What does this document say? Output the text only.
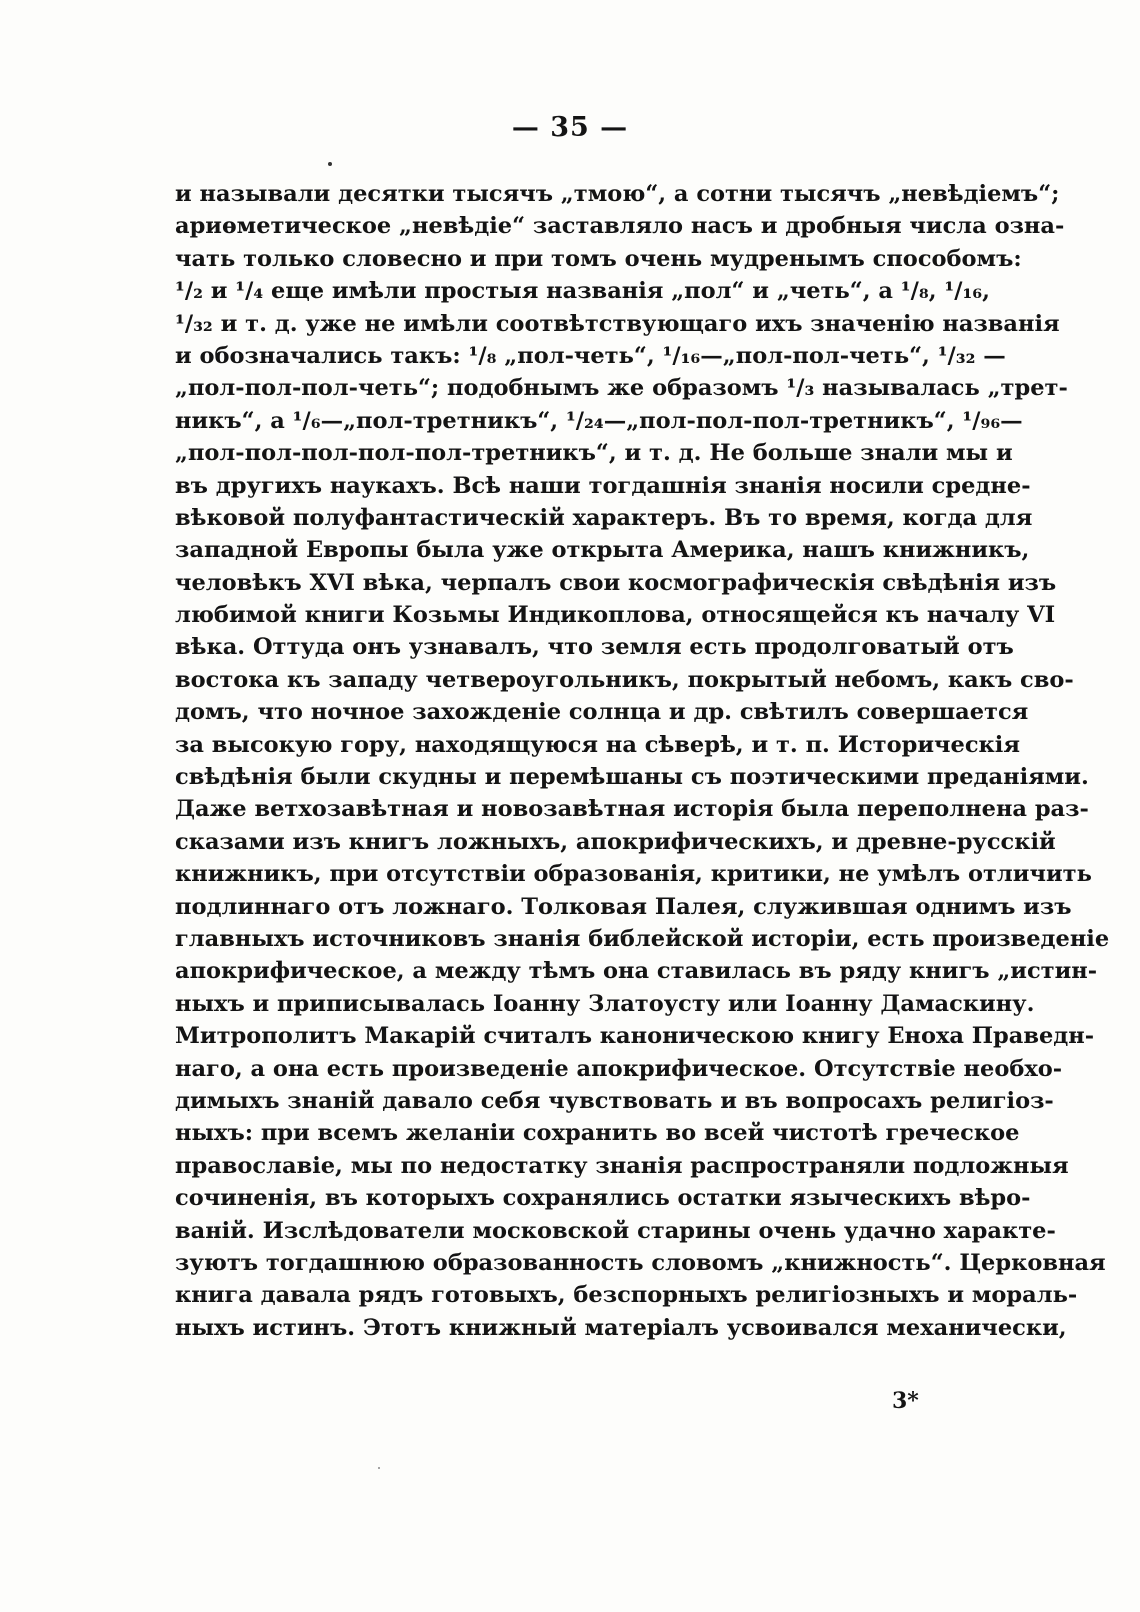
— 35 —
и называли десятки тысячъ „тмою“, а сотни тысячъ „невѣдіемъ“;
ариѳметическое „невѣдіе“ заставляло насъ и дробныя числа озна-
чать только словесно и при томъ очень мудренымъ способомъ:
¹/₂ и ¹/₄ еще имѣли простыя названія „пол“ и „четь“, а ¹/₈, ¹/₁₆,
¹/₃₂ и т. д. уже не имѣли соотвѣтствующаго ихъ значенію названія
и обозначались такъ: ¹/₈ „пол-четь“, ¹/₁₆—„пол-пол-четь“, ¹/₃₂ —
„пол-пол-пол-четь“; подобнымъ же образомъ ¹/₃ называлась „трет-
никъ“, а ¹/₆—„пол-третникъ“, ¹/₂₄—„пол-пол-пол-третникъ“, ¹/₉₆—
„пол-пол-пол-пол-пол-третникъ“, и т. д. Не больше знали мы и
въ другихъ наукахъ. Всѣ наши тогдашнія знанія носили средне-
вѣковой полуфантастическій характеръ. Въ то время, когда для
западной Европы была уже открыта Америка, нашъ книжникъ,
человѣкъ XVI вѣка, черпалъ свои космографическія свѣдѣнія изъ
любимой книги Козьмы Индикоплова, относящейся къ началу VI
вѣка. Оттуда онъ узнавалъ, что земля есть продолговатый отъ
востока къ западу четвероугольникъ, покрытый небомъ, какъ сво-
домъ, что ночное захожденіе солнца и др. свѣтилъ совершается
за высокую гору, находящуюся на сѣверѣ, и т. п. Историческія
свѣдѣнія были скудны и перемѣшаны съ поэтическими преданіями.
Даже ветхозавѣтная и новозавѣтная исторія была переполнена раз-
сказами изъ книгъ ложныхъ, апокрифическихъ, и древне-русскій
книжникъ, при отсутствіи образованія, критики, не умѣлъ отличить
подлиннаго отъ ложнаго. Толковая Палея, служившая однимъ изъ
главныхъ источниковъ знанія библейской исторіи, есть произведеніе
апокрифическое, а между тѣмъ она ставилась въ ряду книгъ „истин-
ныхъ и приписывалась Іоанну Златоусту или Іоанну Дамаскину.
Митрополитъ Макарій считалъ каноническою книгу Еноха Праведн-
наго, а она есть произведеніе апокрифическое. Отсутствіе необхо-
димыхъ знаній давало себя чувствовать и въ вопросахъ религіоз-
ныхъ: при всемъ желаніи сохранить во всей чистотѣ греческое
православіе, мы по недостатку знанія распространяли подложныя
сочиненія, въ которыхъ сохранялись остатки языческихъ вѣро-
ваній. Изслѣдователи московской старины очень удачно характе-
зуютъ тогдашнюю образованность словомъ „книжность“. Церковная
книга давала рядъ готовыхъ, безспорныхъ религіозныхъ и мораль-
ныхъ истинъ. Этотъ книжный матеріалъ усвоивался механически,
3*
